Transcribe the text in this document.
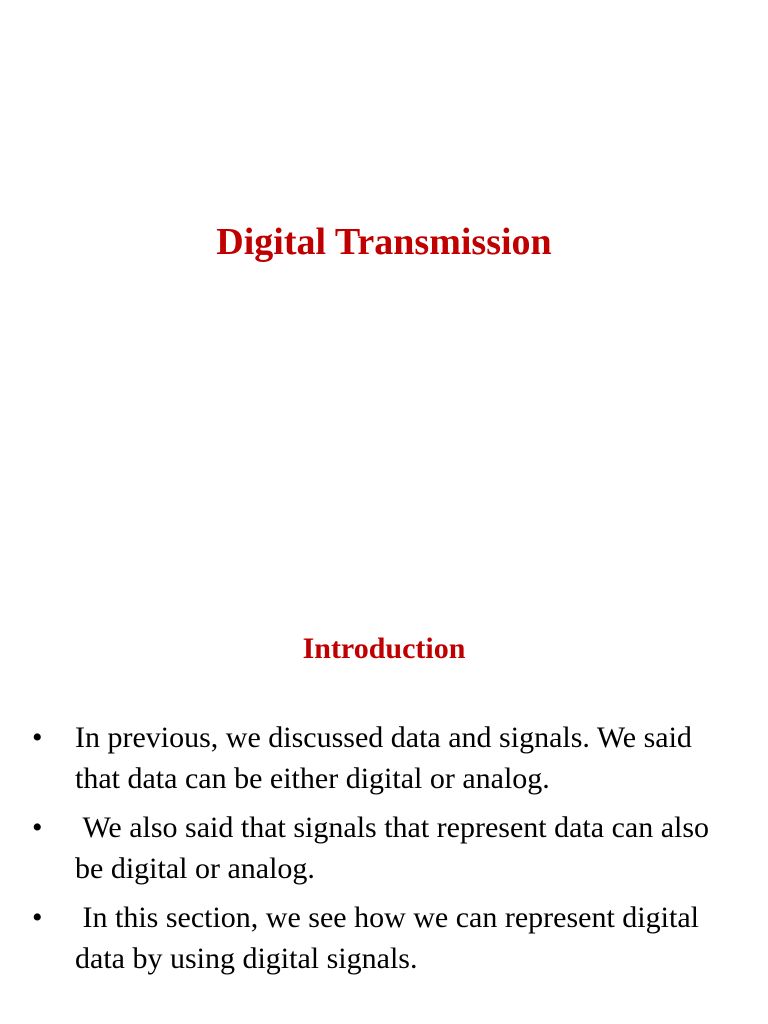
Digital Transmission
Introduction
•	In previous, we discussed data and signals. We said that data can be either digital or analog.
•	We also said that signals that represent data can also be digital or analog.
•	In this section, we see how we can represent digital data by using digital signals.
